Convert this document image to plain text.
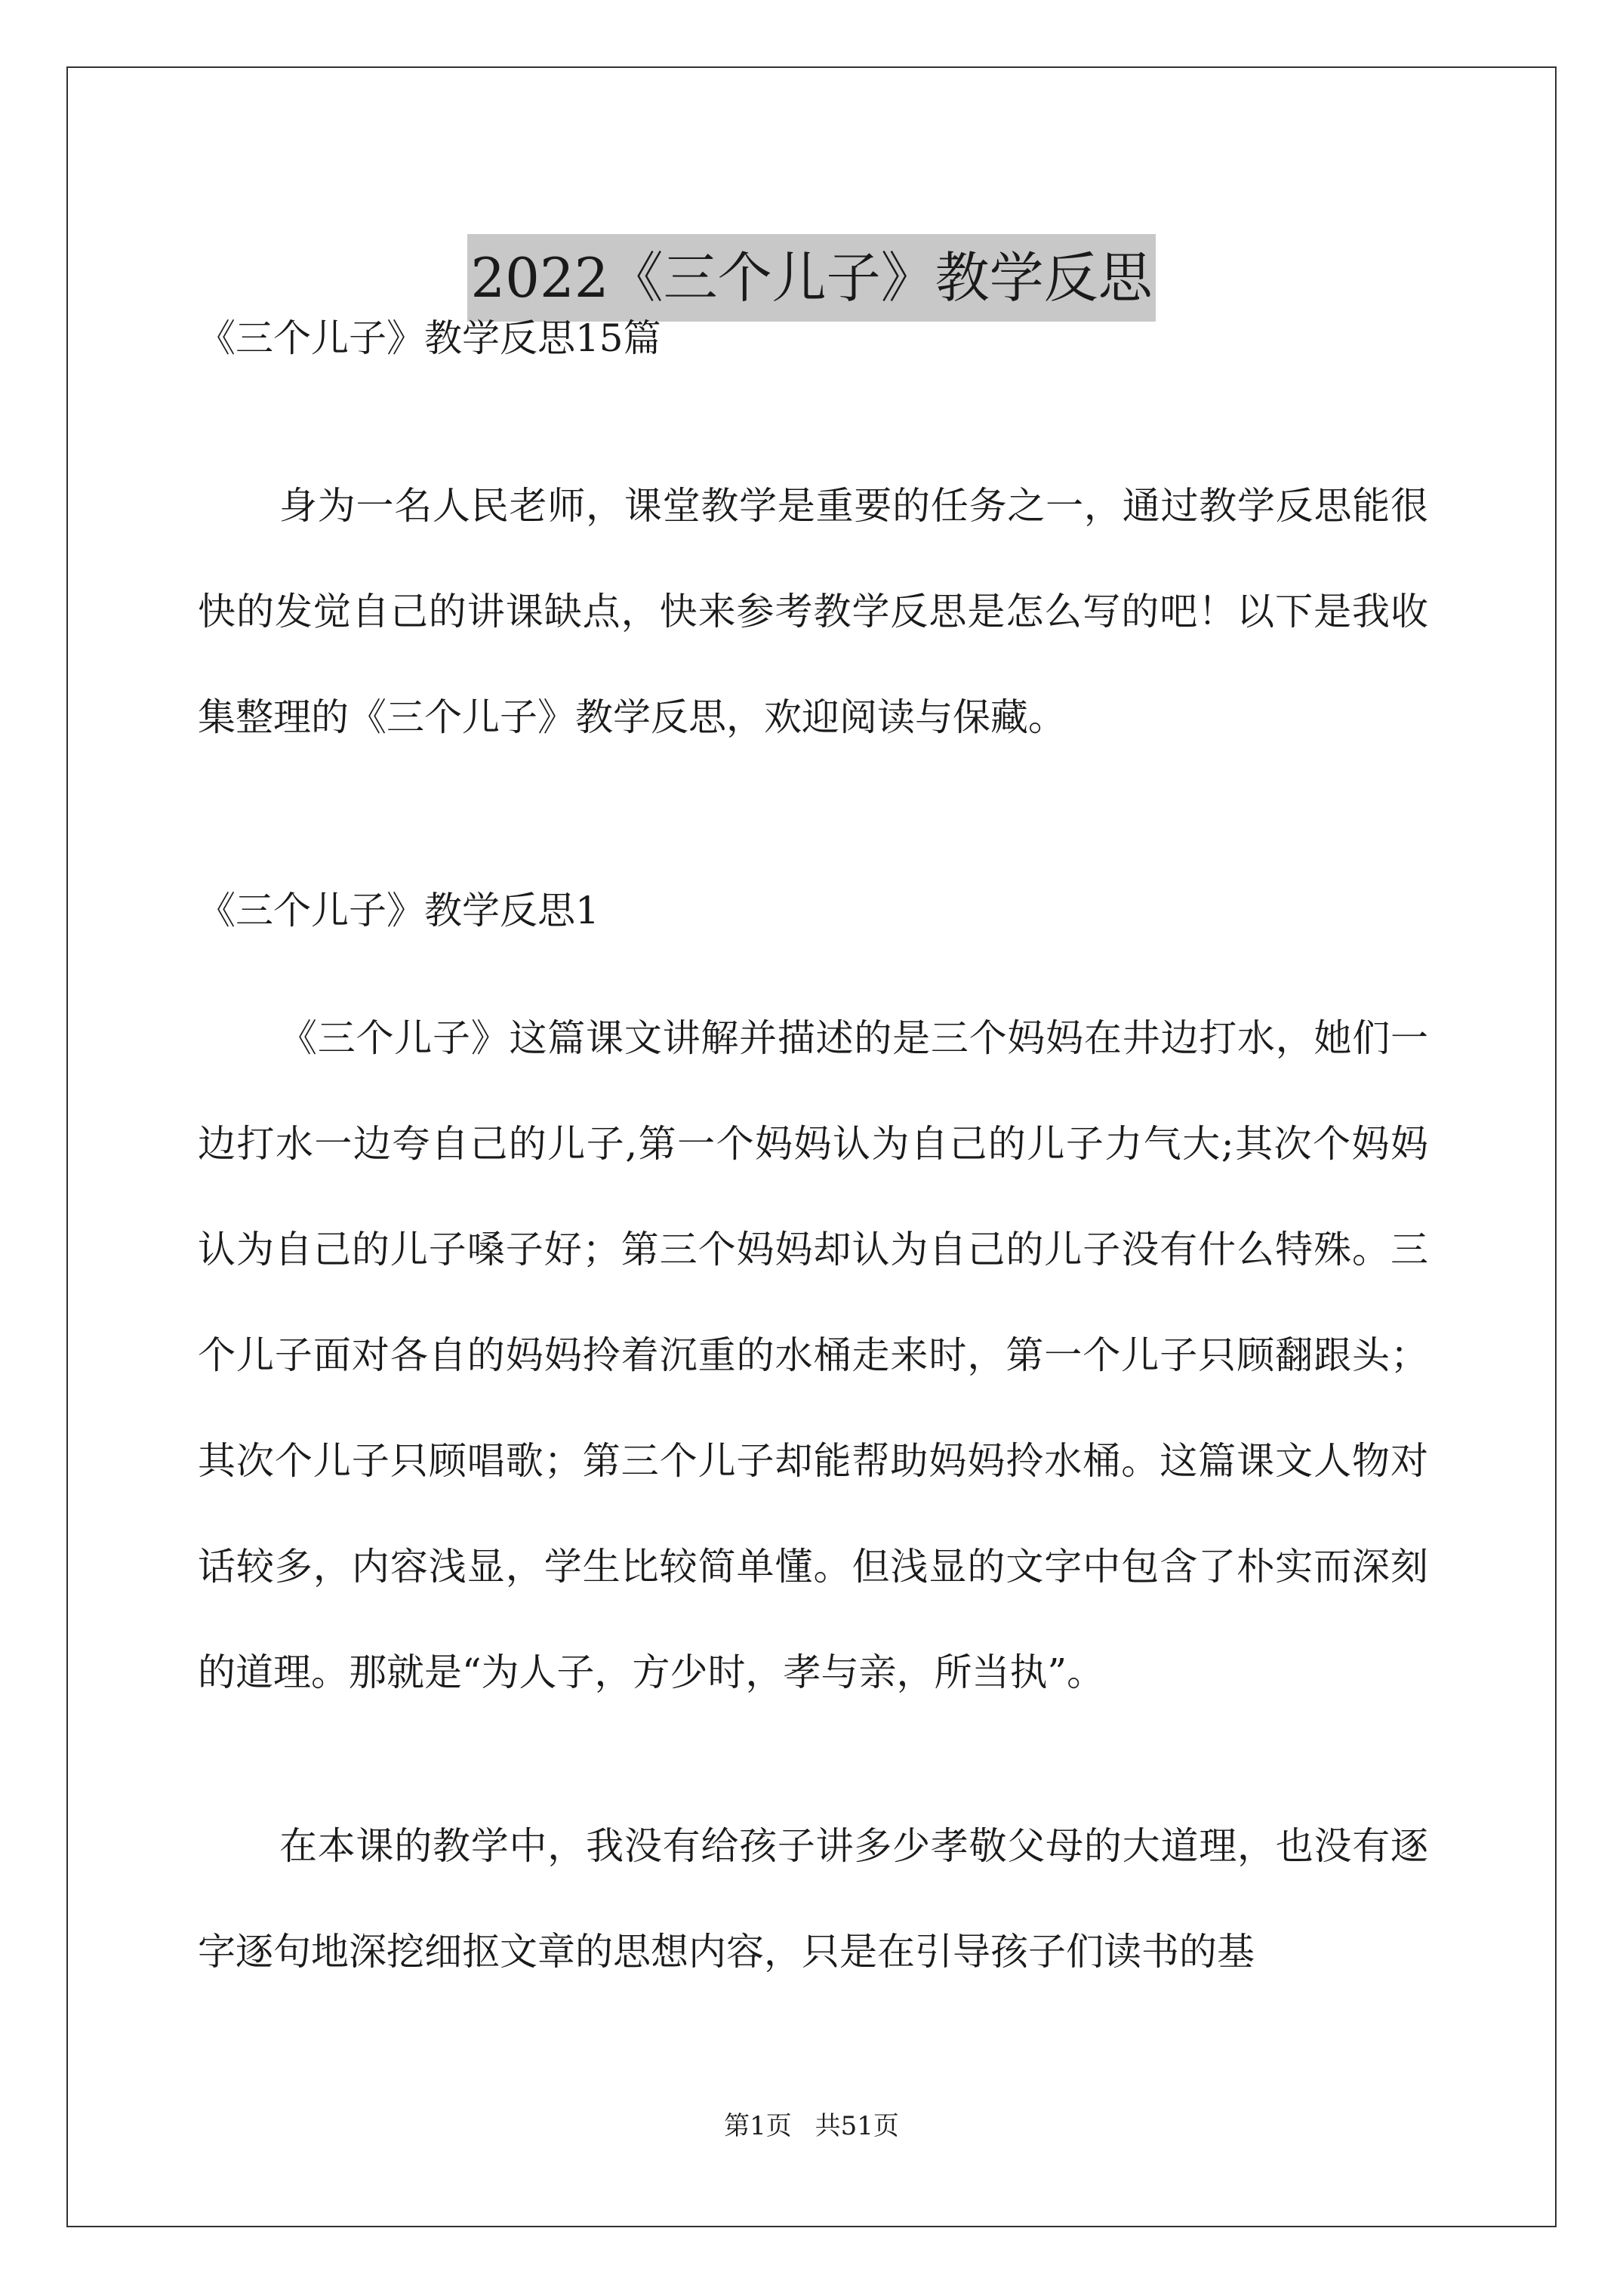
2022《三个儿子》教学反思

《三个儿子》教学反思15篇

身为一名人民老师，课堂教学是重要的任务之一，通过教学反思能很快的发觉自己的讲课缺点，快来参考教学反思是怎么写的吧！以下是我收集整理的《三个儿子》教学反思，欢迎阅读与保藏。

《三个儿子》教学反思1

《三个儿子》这篇课文讲解并描述的是三个妈妈在井边打水，她们一边打水一边夸自己的儿子,第一个妈妈认为自己的儿子力气大;其次个妈妈认为自己的儿子嗓子好；第三个妈妈却认为自己的儿子没有什么特殊。三个儿子面对各自的妈妈拎着沉重的水桶走来时，第一个儿子只顾翻跟头；其次个儿子只顾唱歌；第三个儿子却能帮助妈妈拎水桶。这篇课文人物对话较多，内容浅显，学生比较简单懂。但浅显的文字中包含了朴实而深刻的道理。那就是“为人子，方少时，孝与亲，所当执”。

在本课的教学中，我没有给孩子讲多少孝敬父母的大道理，也没有逐字逐句地深挖细抠文章的思想内容，只是在引导孩子们读书的基

第1页 共51页
